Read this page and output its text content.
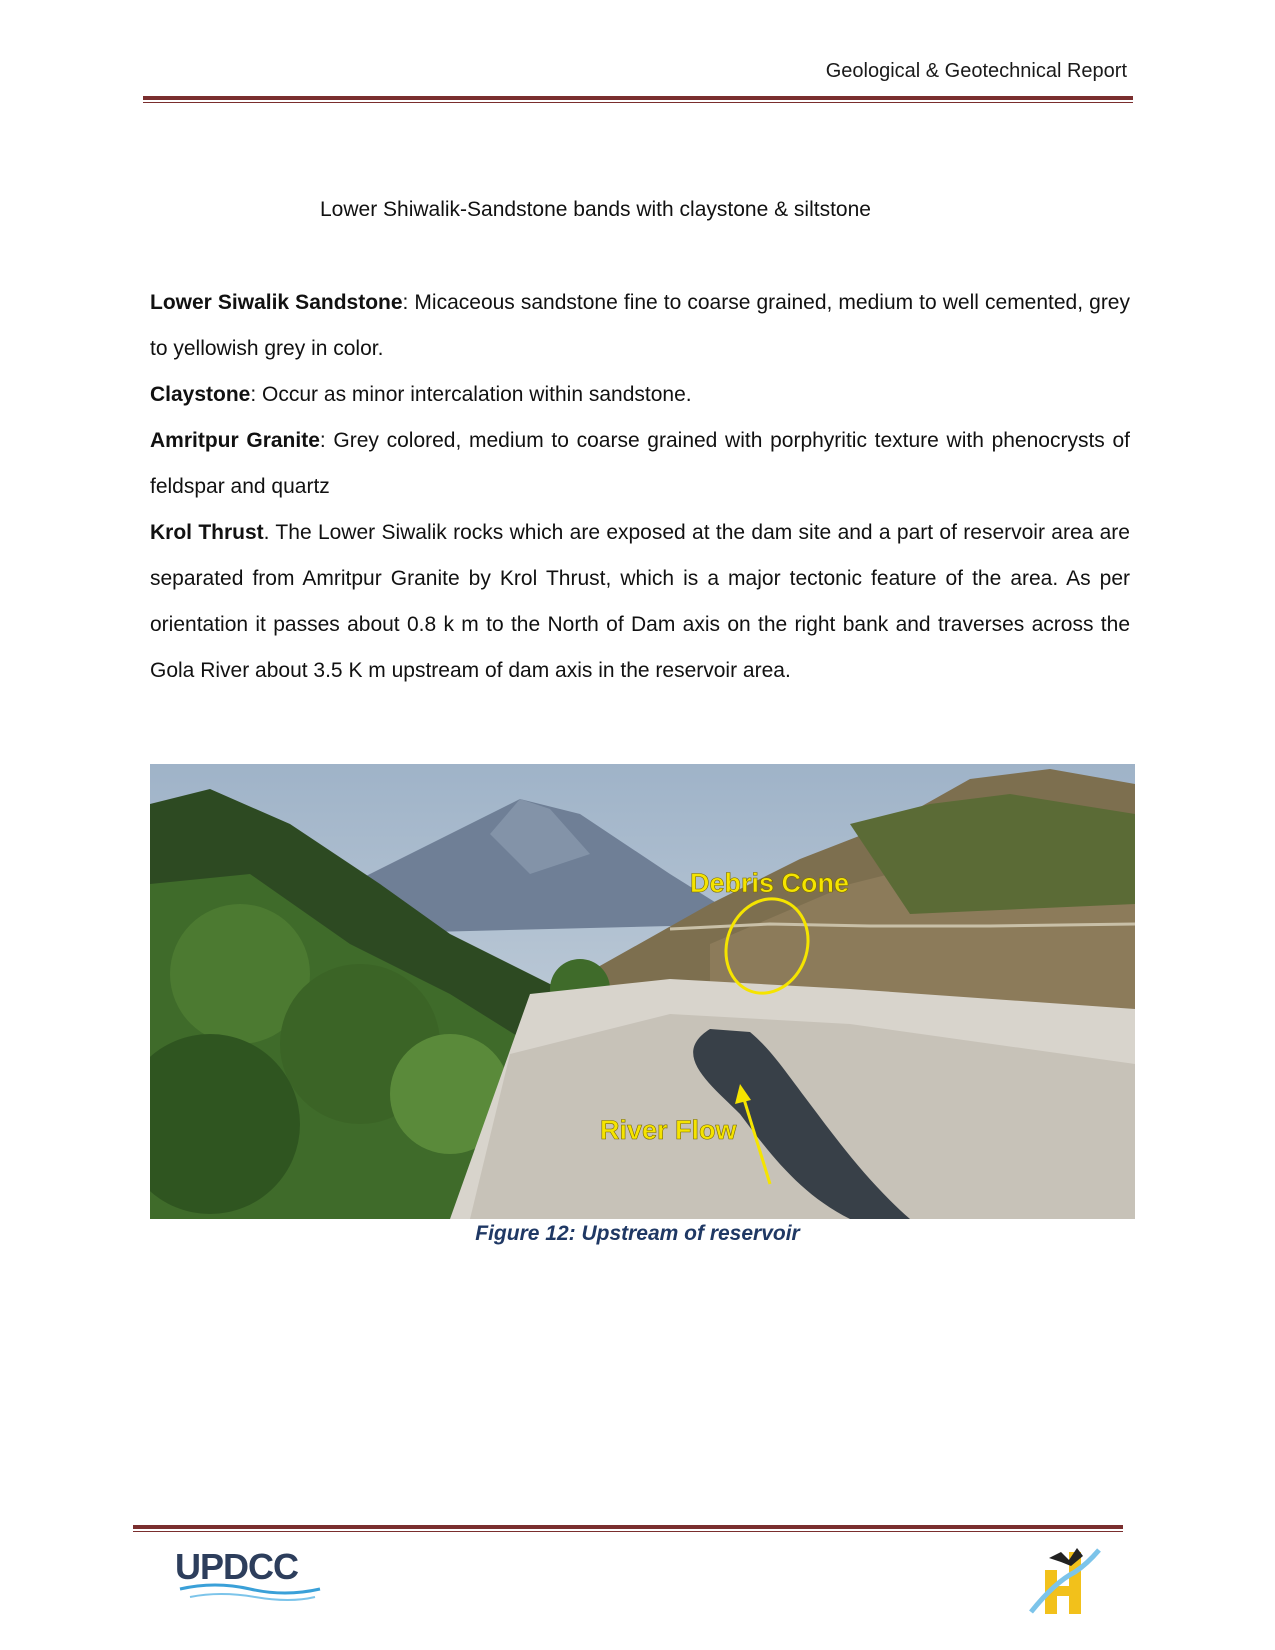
Geological & Geotechnical Report
Lower Shiwalik-Sandstone bands with claystone & siltstone

Lower Siwalik Sandstone: Micaceous sandstone fine to coarse grained, medium to well cemented, grey to yellowish grey in color.

Claystone: Occur as minor intercalation within sandstone.

Amritpur Granite: Grey colored, medium to coarse grained with porphyritic texture with phenocrysts of feldspar and quartz

Krol Thrust. The Lower Siwalik rocks which are exposed at the dam site and a part of reservoir area are separated from Amritpur Granite by Krol Thrust, which is a major tectonic feature of the area. As per orientation it passes about 0.8 k m to the North of Dam axis on the right bank and traverses across the Gola River about 3.5 K m upstream of dam axis in the reservoir area.

Debris Cone
River Flow
Figure 12: Upstream of reservoir
UPDCC
